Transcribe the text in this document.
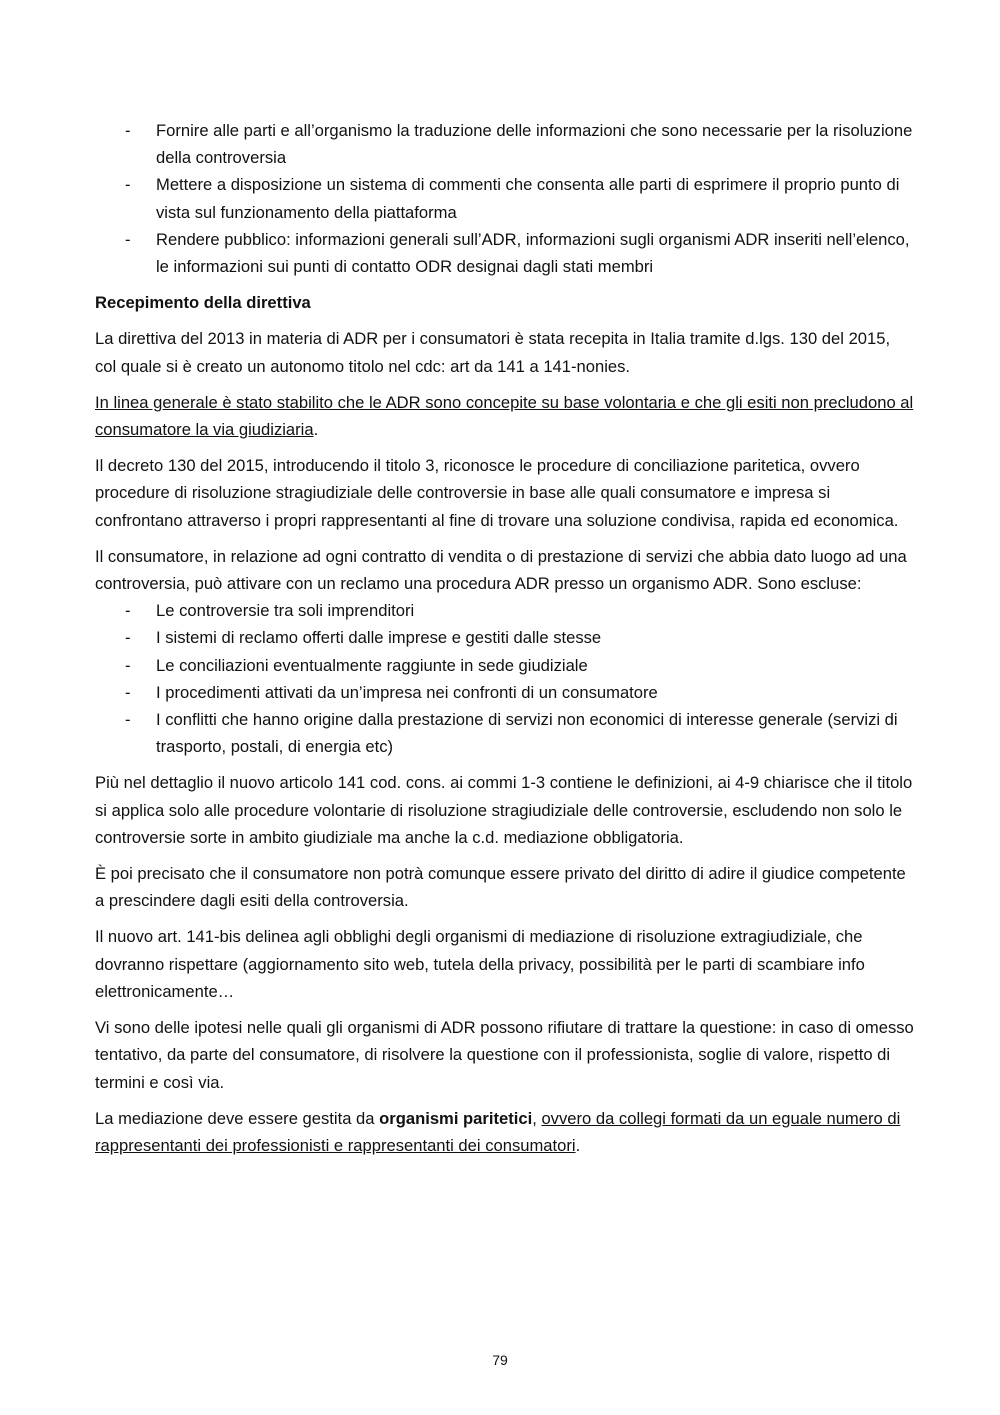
- Fornire alle parti e all’organismo la traduzione delle informazioni che sono necessarie per la risoluzione della controversia
- Mettere a disposizione un sistema di commenti che consenta alle parti di esprimere il proprio punto di vista sul funzionamento della piattaforma
- Rendere pubblico: informazioni generali sull’ADR, informazioni sugli organismi ADR inseriti nell’elenco, le informazioni sui punti di contatto ODR designai dagli stati membri
Recepimento della direttiva

La direttiva del 2013 in materia di ADR per i consumatori è stata recepita in Italia tramite d.lgs. 130 del 2015, col quale si è creato un autonomo titolo nel cdc: art da 141 a 141-nonies.

In linea generale è stato stabilito che le ADR sono concepite su base volontaria e che gli esiti non precludono al consumatore la via giudiziaria.

Il decreto 130 del 2015, introducendo il titolo 3, riconosce le procedure di conciliazione paritetica, ovvero procedure di risoluzione stragiudiziale delle controversie in base alle quali consumatore e impresa si confrontano attraverso i propri rappresentanti al fine di trovare una soluzione condivisa, rapida ed economica.

Il consumatore, in relazione ad ogni contratto di vendita o di prestazione di servizi che abbia dato luogo ad una controversia, può attivare con un reclamo una procedura ADR presso un organismo ADR. Sono escluse:

- Le controversie tra soli imprenditori
- I sistemi di reclamo offerti dalle imprese e gestiti dalle stesse
- Le conciliazioni eventualmente raggiunte in sede giudiziale
- I procedimenti attivati da un’impresa nei confronti di un consumatore
- I conflitti che hanno origine dalla prestazione di servizi non economici di interesse generale (servizi di trasporto, postali, di energia etc)

Più nel dettaglio il nuovo articolo 141 cod. cons. ai commi 1-3 contiene le definizioni, ai 4-9 chiarisce che il titolo si applica solo alle procedure volontarie di risoluzione stragiudiziale delle controversie, escludendo non solo le controversie sorte in ambito giudiziale ma anche la c.d. mediazione obbligatoria.

È poi precisato che il consumatore non potrà comunque essere privato del diritto di adire il giudice competente a prescindere dagli esiti della controversia.

Il nuovo art. 141-bis delinea agli obblighi degli organismi di mediazione di risoluzione extragiudiziale, che dovranno rispettare (aggiornamento sito web, tutela della privacy, possibilità per le parti di scambiare info elettronicamente…

Vi sono delle ipotesi nelle quali gli organismi di ADR possono rifiutare di trattare la questione: in caso di omesso tentativo, da parte del consumatore, di risolvere la questione con il professionista, soglie di valore, rispetto di termini e così via.

La mediazione deve essere gestita da organismi paritetici, ovvero da collegi formati da un eguale numero di rappresentanti dei professionisti e rappresentanti dei consumatori.

79
